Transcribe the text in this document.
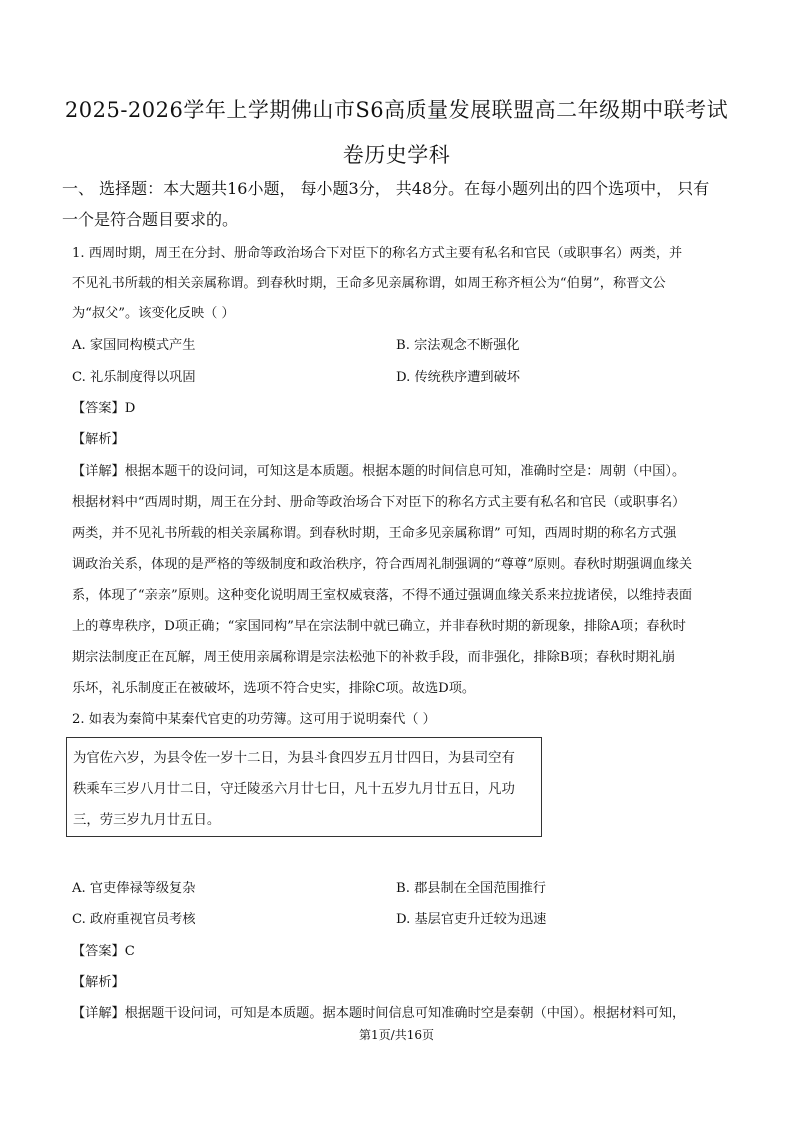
2025-2026学年上学期佛山市S6高质量发展联盟高二年级期中联考试
卷历史学科
一、 选择题：本大题共16小题， 每小题3分， 共48分。在每小题列出的四个选项中， 只有
一个是符合题目要求的。
1. 西周时期，周王在分封、册命等政治场合下对臣下的称名方式主要有私名和官民（或职事名）两类，并
不见礼书所载的相关亲属称谓。到春秋时期，王命多见亲属称谓，如周王称齐桓公为“伯舅”，称晋文公
为“叔父”。该变化反映（ ）
A. 家国同构模式产生	B. 宗法观念不断强化
C. 礼乐制度得以巩固	D. 传统秩序遭到破坏
【答案】D
【解析】
【详解】根据本题干的设问词，可知这是本质题。根据本题的时间信息可知，准确时空是：周朝（中国）。
根据材料中“西周时期，周王在分封、册命等政治场合下对臣下的称名方式主要有私名和官民（或职事名）
两类，并不见礼书所载的相关亲属称谓。到春秋时期，王命多见亲属称谓” 可知，西周时期的称名方式强
调政治关系，体现的是严格的等级制度和政治秩序，符合西周礼制强调的“尊尊”原则。春秋时期强调血缘关
系，体现了“亲亲”原则。这种变化说明周王室权威衰落，不得不通过强调血缘关系来拉拢诸侯，以维持表面
上的尊卑秩序，D项正确；“家国同构”早在宗法制中就已确立，并非春秋时期的新现象，排除A项；春秋时
期宗法制度正在瓦解，周王使用亲属称谓是宗法松弛下的补救手段，而非强化，排除B项；春秋时期礼崩
乐坏，礼乐制度正在被破坏，选项不符合史实，排除C项。故选D项。
2. 如表为秦简中某秦代官吏的功劳簿。这可用于说明秦代（ ）
为官佐六岁，为县令佐一岁十二日，为县斗食四岁五月廿四日，为县司空有
秩乘车三岁八月廿二日，守迁陵丞六月廿七日，凡十五岁九月廿五日，凡功
三，劳三岁九月廿五日。
A. 官吏俸禄等级复杂	B. 郡县制在全国范围推行
C. 政府重视官员考核	D. 基层官吏升迁较为迅速
【答案】C
【解析】
【详解】根据题干设问词，可知是本质题。据本题时间信息可知准确时空是秦朝（中国）。根据材料可知，
第1页/共16页
